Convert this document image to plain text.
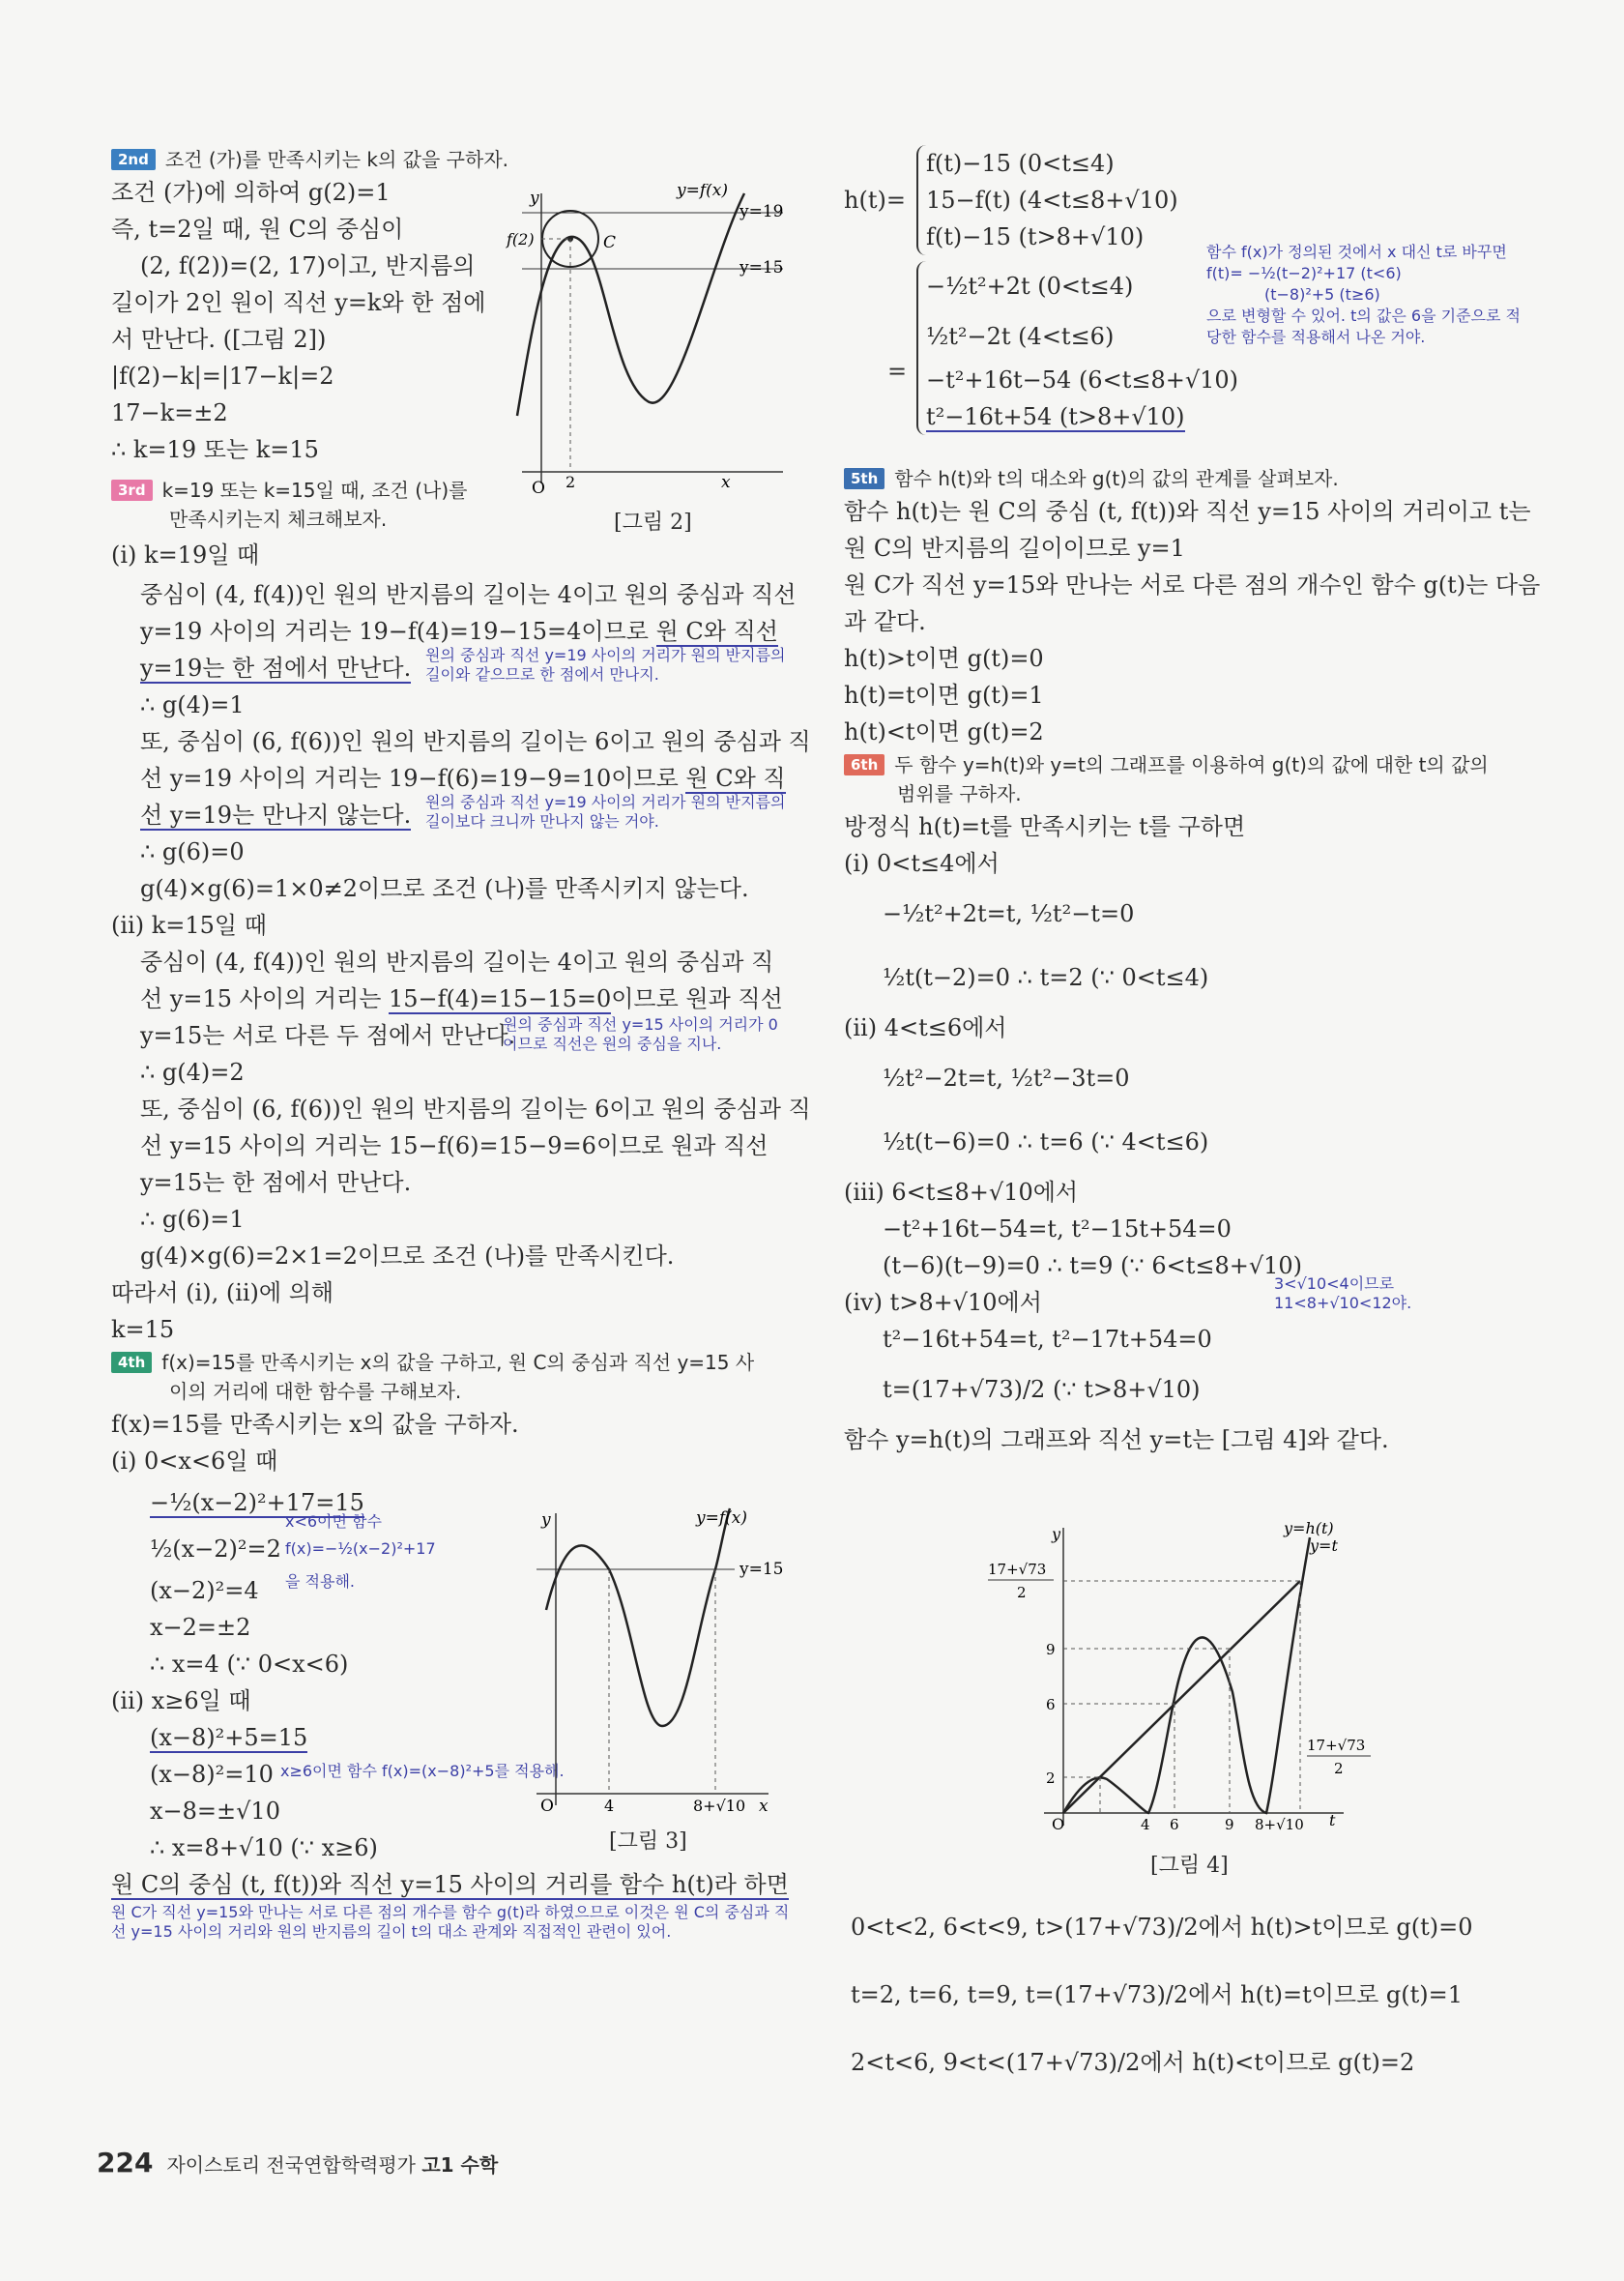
2nd 조건 (가)를 만족시키는 k의 값을 구하자.
조건 (가)에 의하여 g(2)=1
즉, t=2일 때, 원 C의 중심이
(2, f(2))=(2, 17)이고, 반지름의
길이가 2인 원이 직선 y=k와 한 점에
서 만난다. ([그림 2])
|f(2)−k|=|17−k|=2
17−k=±2
∴ k=19 또는 k=15
3rd k=19 또는 k=15일 때, 조건 (나)를
만족시키는지 체크해보자.
(ⅰ) k=19일 때
중심이 (4, f(4))인 원의 반지름의 길이는 4이고 원의 중심과 직선
y=19 사이의 거리는 19−f(4)=19−15=4이므로 원 C와 직선
y=19는 한 점에서 만난다. 원의 중심과 직선 y=19 사이의 거리가 원의 반지름의
길이와 같으므로 한 점에서 만나지.
∴ g(4)=1
또, 중심이 (6, f(6))인 원의 반지름의 길이는 6이고 원의 중심과 직
선 y=19 사이의 거리는 19−f(6)=19−9=10이므로 원 C와 직
선 y=19는 만나지 않는다. 원의 중심과 직선 y=19 사이의 거리가 원의 반지름의
길이보다 크니까 만나지 않는 거야.
∴ g(6)=0
g(4)×g(6)=1×0≠2이므로 조건 (나)를 만족시키지 않는다.
(ⅱ) k=15일 때
중심이 (4, f(4))인 원의 반지름의 길이는 4이고 원의 중심과 직
선 y=15 사이의 거리는 15−f(4)=15−15=0이므로 원과 직선
y=15는 서로 다른 두 점에서 만난다.
원의 중심과 직선 y=15 사이의 거리가 0
이므로 직선은 원의 중심을 지나.
∴ g(4)=2
또, 중심이 (6, f(6))인 원의 반지름의 길이는 6이고 원의 중심과 직
선 y=15 사이의 거리는 15−f(6)=15−9=6이므로 원과 직선
y=15는 한 점에서 만난다.
∴ g(6)=1
g(4)×g(6)=2×1=2이므로 조건 (나)를 만족시킨다.
따라서 (ⅰ), (ⅱ)에 의해
k=15
4th f(x)=15를 만족시키는 x의 값을 구하고, 원 C의 중심과 직선 y=15 사
이의 거리에 대한 함수를 구해보자.
f(x)=15를 만족시키는 x의 값을 구하자.
(ⅰ) 0<x<6일 때
−½(x−2)²+17=15
x<6이면 함수
½(x−2)²=2 f(x)=−½(x−2)²+17
(x−2)²=4 을 적용해.
x−2=±2
∴ x=4 (∵ 0<x<6)
(ⅱ) x≥6일 때
(x−8)²+5=15
(x−8)²=10 x≥6이면 함수 f(x)=(x−8)²+5를 적용해.
x−8=±√10
∴ x=8+√10 (∵ x≥6)
원 C의 중심 (t, f(t))와 직선 y=15 사이의 거리를 함수 h(t)라 하면
원 C가 직선 y=15와 만나는 서로 다른 점의 개수를 함수 g(t)라 하였으므로 이것은 원 C의 중심과 직
선 y=15 사이의 거리와 원의 반지름의 길이 t의 대소 관계와 직접적인 관련이 있어.
y	y=f(x)
y=19
y=15
f(2)	C
O 2	x
[그림 2]
y	y=f(x)
y=15
O	4	8+√10 x
[그림 3]
h(t)=
f(t)−15 (0<t≤4)
15−f(t) (4<t≤8+√10)
f(t)−15 (t>8+√10)
=
−½t²+2t (0<t≤4)
½t²−2t (4<t≤6)
−t²+16t−54 (6<t≤8+√10)
t²−16t+54 (t>8+√10)
함수 f(x)가 정의된 것에서 x 대신 t로 바꾸면
f(t)= −½(t−2)²+17 (t<6)
(t−8)²+5 (t≥6)
으로 변형할 수 있어. t의 값은 6을 기준으로 적
당한 함수를 적용해서 나온 거야.
5th 함수 h(t)와 t의 대소와 g(t)의 값의 관계를 살펴보자.
함수 h(t)는 원 C의 중심 (t, f(t))와 직선 y=15 사이의 거리이고 t는
원 C의 반지름의 길이이므로 y=1
원 C가 직선 y=15와 만나는 서로 다른 점의 개수인 함수 g(t)는 다음
과 같다.
h(t)>t이면 g(t)=0
h(t)=t이면 g(t)=1
h(t)<t이면 g(t)=2
6th 두 함수 y=h(t)와 y=t의 그래프를 이용하여 g(t)의 값에 대한 t의 값의
범위를 구하자.
방정식 h(t)=t를 만족시키는 t를 구하면
(ⅰ) 0<t≤4에서
−½t²+2t=t, ½t²−t=0
½t(t−2)=0 ∴ t=2 (∵ 0<t≤4)
(ⅱ) 4<t≤6에서
½t²−2t=t, ½t²−3t=0
½t(t−6)=0 ∴ t=6 (∵ 4<t≤6)
(ⅲ) 6<t≤8+√10에서
−t²+16t−54=t, t²−15t+54=0
(t−6)(t−9)=0 ∴ t=9 (∵ 6<t≤8+√10)
3<√10<4이므로
11<8+√10<12야.
(ⅳ) t>8+√10에서
t²−16t+54=t, t²−17t+54=0
t=(17+√73)/2 (∵ t>8+√10)
함수 y=h(t)의 그래프와 직선 y=t는 [그림 4]와 같다.
y	y=h(t)
y=t
17+√73
2
9
6
2
O	4 6	9 8+√10 t
17+√73
2
[그림 4]
0<t<2, 6<t<9, t>(17+√73)/2에서 h(t)>t이므로 g(t)=0
t=2, t=6, t=9, t=(17+√73)/2에서 h(t)=t이므로 g(t)=1
2<t<6, 9<t<(17+√73)/2에서 h(t)<t이므로 g(t)=2
224 자이스토리 전국연합학력평가 고1 수학
